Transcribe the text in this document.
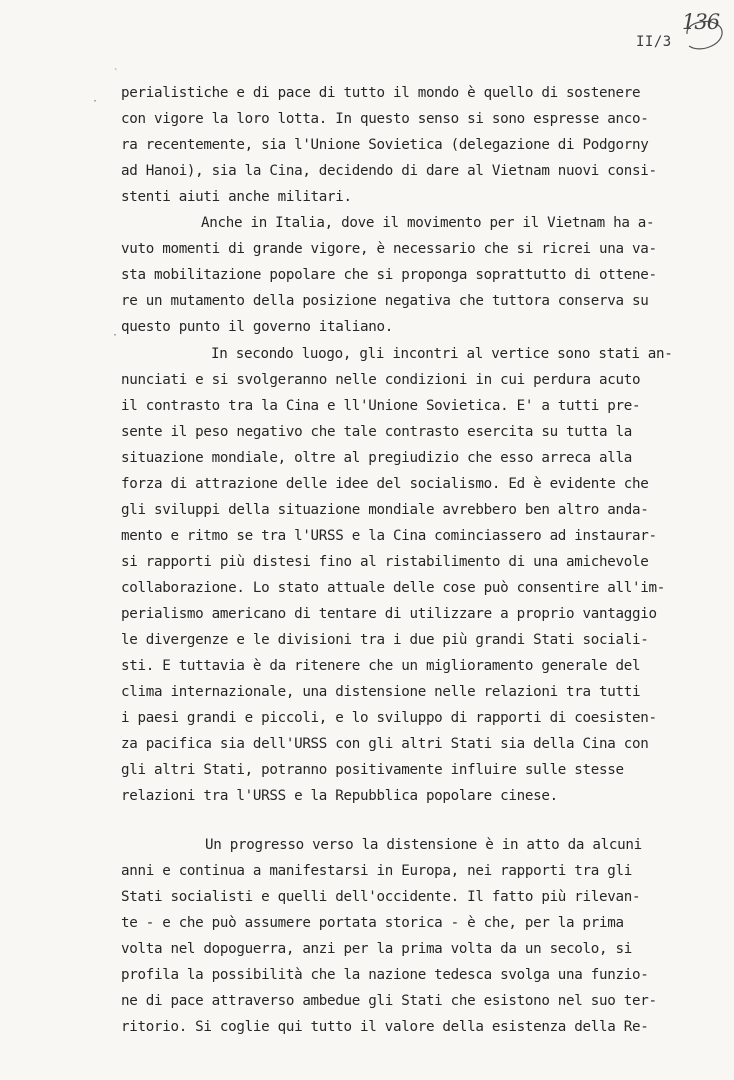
II/3
136
ˋ
·
·
perialistiche e di pace di tutto il mondo è quello di sostenere
con vigore la loro lotta. In questo senso si sono espresse anco-
ra recentemente, sia l'Unione Sovietica (delegazione di Podgorny
ad Hanoi), sia la Cina, decidendo di dare al Vietnam nuovi consi-
stenti aiuti anche militari.
Anche in Italia, dove il movimento per il Vietnam ha a-
vuto momenti di grande vigore, è necessario che si ricrei una va-
sta mobilitazione popolare che si proponga soprattutto di ottene-
re un mutamento della posizione negativa che tuttora conserva su
questo punto il governo italiano.
In secondo luogo, gli incontri al vertice sono stati an-
nunciati e si svolgeranno nelle condizioni in cui perdura acuto
il contrasto tra la Cina e ll'Unione Sovietica. E' a tutti pre-
sente il peso negativo che tale contrasto esercita su tutta la
situazione mondiale, oltre al pregiudizio che esso arreca alla
forza di attrazione delle idee del socialismo. Ed è evidente che
gli sviluppi della situazione mondiale avrebbero ben altro anda-
mento e ritmo se tra l'URSS e la Cina cominciassero ad instaurar-
si rapporti più distesi fino al ristabilimento di una amichevole
collaborazione. Lo stato attuale delle cose può consentire all'im-
perialismo americano di tentare di utilizzare a proprio vantaggio
le divergenze e le divisioni tra i due più grandi Stati sociali-
sti. E tuttavia è da ritenere che un miglioramento generale del
clima internazionale, una distensione nelle relazioni tra tutti
i paesi grandi e piccoli, e lo sviluppo di rapporti di coesisten-
za pacifica sia dell'URSS con gli altri Stati sia della Cina con
gli altri Stati, potranno positivamente influire sulle stesse
relazioni tra l'URSS e la Repubblica popolare cinese.
Un progresso verso la distensione è in atto da alcuni
anni e continua a manifestarsi in Europa, nei rapporti tra gli
Stati socialisti e quelli dell'occidente. Il fatto più rilevan-
te - e che può assumere portata storica - è che, per la prima
volta nel dopoguerra, anzi per la prima volta da un secolo, si
profila la possibilità che la nazione tedesca svolga una funzio-
ne di pace attraverso ambedue gli Stati che esistono nel suo ter-
ritorio. Si coglie qui tutto il valore della esistenza della Re-
